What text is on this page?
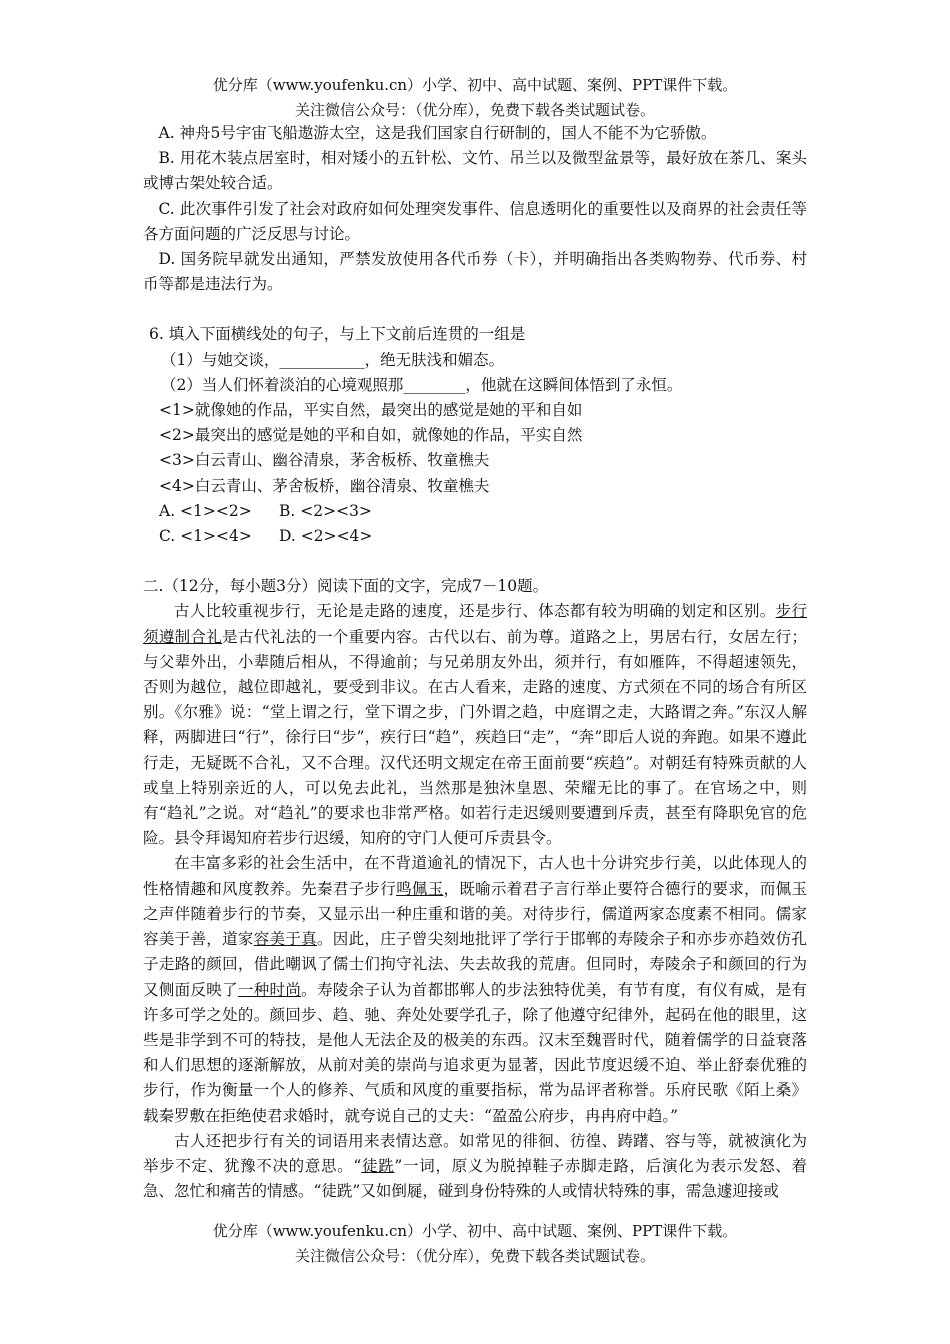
优分库（www.youfenku.cn）小学、初中、高中试题、案例、PPT课件下载。
关注微信公众号：（优分库），免费下载各类试题试卷。

A. 神舟5号宇宙飞船遨游太空，这是我们国家自行研制的，国人不能不为它骄傲。

B. 用花木装点居室时，相对矮小的五针松、文竹、吊兰以及微型盆景等，最好放在茶几、案头或博古架处较合适。

C. 此次事件引发了社会对政府如何处理突发事件、信息透明化的重要性以及商界的社会责任等各方面问题的广泛反思与讨论。

D. 国务院早就发出通知，严禁发放使用各代币券（卡），并明确指出各类购物券、代币券、村币等都是违法行为。

6. 填入下面横线处的句子，与上下文前后连贯的一组是

（1）与她交谈，___________，绝无肤浅和媚态。

（2）当人们怀着淡泊的心境观照那________，他就在这瞬间体悟到了永恒。

<1>就像她的作品，平实自然，最突出的感觉是她的平和自如

<2>最突出的感觉是她的平和自如，就像她的作品，平实自然

<3>白云青山、幽谷清泉，茅舍板桥、牧童樵夫

<4>白云青山、茅舍板桥，幽谷清泉、牧童樵夫

A. <1><2> B. <2><3>

C. <1><4> D. <2><4>

二.（12分，每小题3分）阅读下面的文字，完成7－10题。

古人比较重视步行，无论是走路的速度，还是步行、体态都有较为明确的划定和区别。步行须遵制合礼是古代礼法的一个重要内容。古代以右、前为尊。道路之上，男居右行，女居左行；与父辈外出，小辈随后相从，不得逾前；与兄弟朋友外出，须并行，有如雁阵，不得超速领先，否则为越位，越位即越礼，要受到非议。在古人看来，走路的速度、方式须在不同的场合有所区别。《尔雅》说：“堂上谓之行，堂下谓之步，门外谓之趋，中庭谓之走，大路谓之奔。”东汉人解释，两脚进曰“行”，徐行曰“步”，疾行曰“趋”，疾趋曰“走”，“奔”即后人说的奔跑。如果不遵此行走，无疑既不合礼，又不合理。汉代还明文规定在帝王面前要“疾趋”。对朝廷有特殊贡献的人或皇上特别亲近的人，可以免去此礼，当然那是独沐皇恩、荣耀无比的事了。在官场之中，则有“趋礼”之说。对“趋礼”的要求也非常严格。如若行走迟缓则要遭到斥责，甚至有降职免官的危险。县令拜谒知府若步行迟缓，知府的守门人便可斥责县令。

在丰富多彩的社会生活中，在不背道逾礼的情况下，古人也十分讲究步行美，以此体现人的性格情趣和风度教养。先秦君子步行鸣佩玉，既喻示着君子言行举止要符合德行的要求，而佩玉之声伴随着步行的节奏，又显示出一种庄重和谐的美。对待步行，儒道两家态度素不相同。儒家容美于善，道家容美于真。因此，庄子曾尖刻地批评了学行于邯郸的寿陵余子和亦步亦趋效仿孔子走路的颜回，借此嘲讽了儒士们拘守礼法、失去故我的荒唐。但同时，寿陵余子和颜回的行为又侧面反映了一种时尚。寿陵余子认为首都邯郸人的步法独特优美，有节有度，有仪有威，是有许多可学之处的。颜回步、趋、驰、奔处处要学孔子，除了他遵守纪律外，起码在他的眼里，这些是非学到不可的特技，是他人无法企及的极美的东西。汉末至魏晋时代，随着儒学的日益衰落和人们思想的逐渐解放，从前对美的崇尚与追求更为显著，因此节度迟缓不迫、举止舒泰优雅的步行，作为衡量一个人的修养、气质和风度的重要指标，常为品评者称誉。乐府民歌《陌上桑》载秦罗敷在拒绝使君求婚时，就夸说自己的丈夫：“盈盈公府步，冉冉府中趋。”

古人还把步行有关的词语用来表情达意。如常见的徘徊、彷徨、踌躇、容与等，就被演化为举步不定、犹豫不决的意思。“徒跣”一词，原义为脱掉鞋子赤脚走路，后演化为表示发怒、着急、忽忙和痛苦的情感。“徒跣”又如倒屣，碰到身份特殊的人或情状特殊的事，需急遽迎接或

优分库（www.youfenku.cn）小学、初中、高中试题、案例、PPT课件下载。
关注微信公众号：（优分库），免费下载各类试题试卷。
